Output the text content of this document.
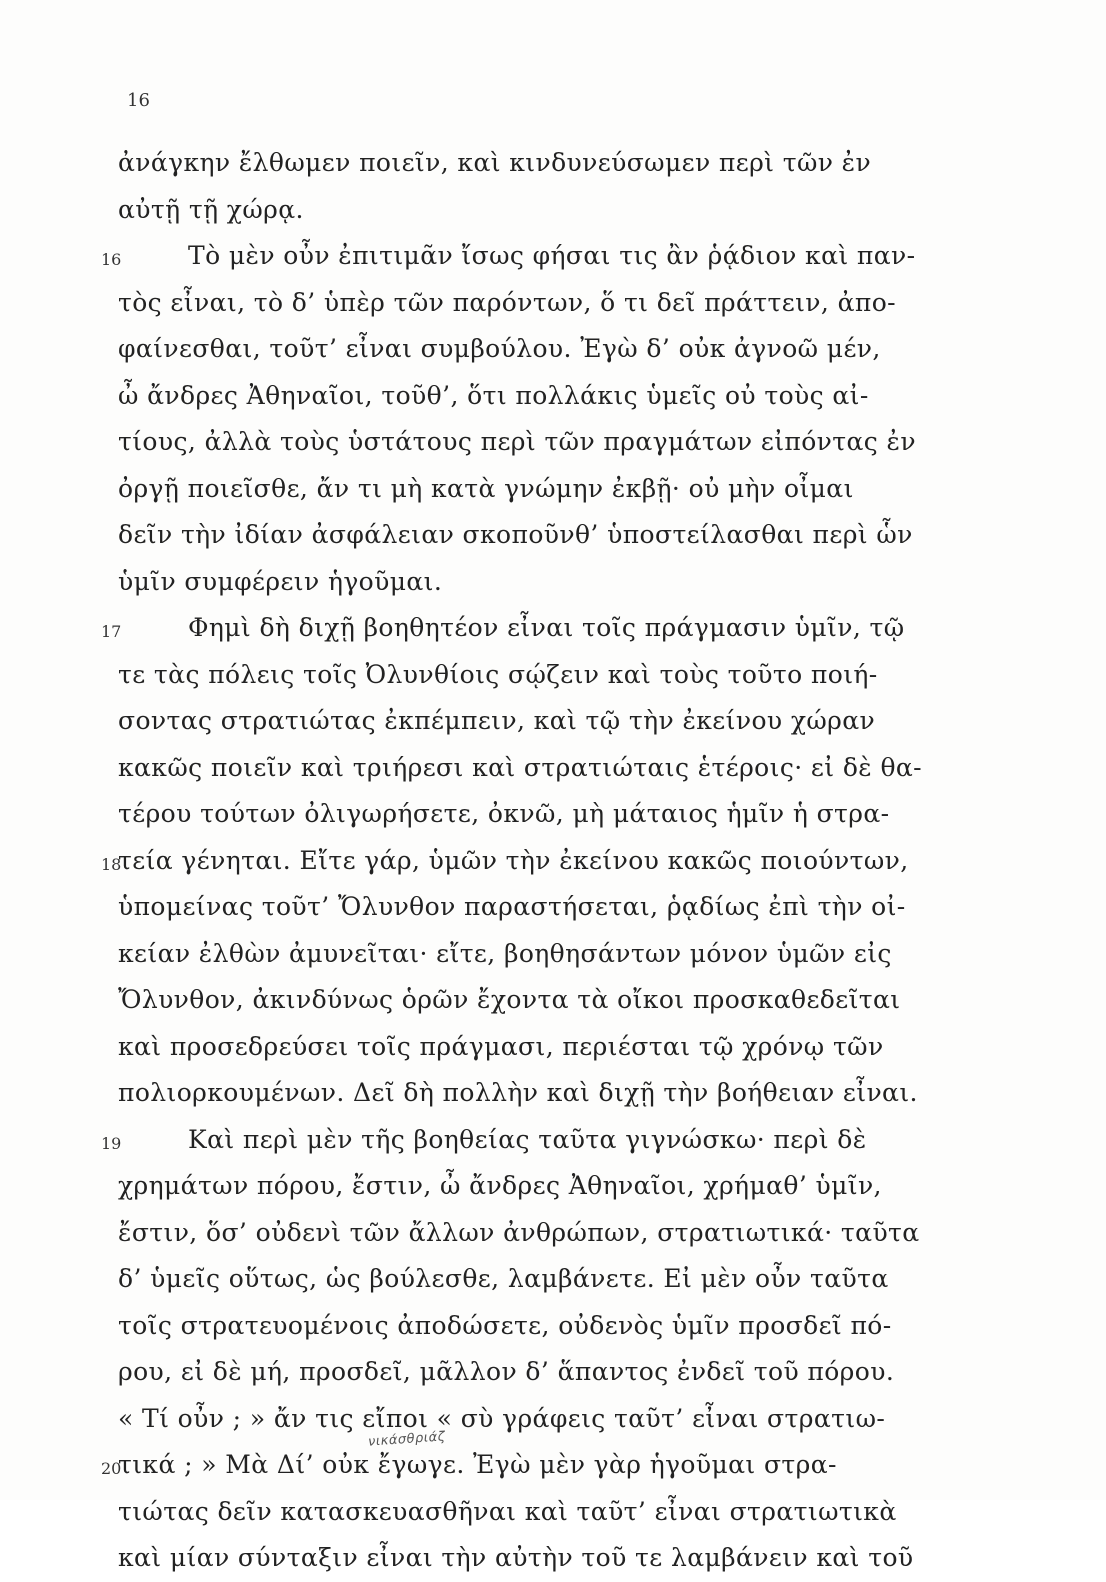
16
ἀνάγκην ἔλθωμεν ποιεῖν, καὶ κινδυνεύσωμεν περὶ τῶν ἐν
αὐτῇ τῇ χώρᾳ.
16	Τὸ μὲν οὖν ἐπιτιμᾶν ἴσως φήσαι τις ἂν ῥᾴδιον καὶ παν-
τὸς εἶναι, τὸ δ’ ὑπὲρ τῶν παρόντων, ὅ τι δεῖ πράττειν, ἀπο-
φαίνεσθαι, τοῦτ’ εἶναι συμβούλου. Ἐγὼ δ’ οὐκ ἀγνοῶ μέν,
ὦ ἄνδρες Ἀθηναῖοι, τοῦθ’, ὅτι πολλάκις ὑμεῖς οὐ τοὺς αἰ-
τίους, ἀλλὰ τοὺς ὑστάτους περὶ τῶν πραγμάτων εἰπόντας ἐν
ὀργῇ ποιεῖσθε, ἄν τι μὴ κατὰ γνώμην ἐκβῇ· οὐ μὴν οἶμαι
δεῖν τὴν ἰδίαν ἀσφάλειαν σκοποῦνθ’ ὑποστείλασθαι περὶ ὧν
ὑμῖν συμφέρειν ἡγοῦμαι.
17	Φημὶ δὴ διχῇ βοηθητέον εἶναι τοῖς πράγμασιν ὑμῖν, τῷ
τε τὰς πόλεις τοῖς Ὀλυνθίοις σῴζειν καὶ τοὺς τοῦτο ποιή-
σοντας στρατιώτας ἐκπέμπειν, καὶ τῷ τὴν ἐκείνου χώραν
κακῶς ποιεῖν καὶ τριήρεσι καὶ στρατιώταις ἑτέροις· εἰ δὲ θα-
τέρου τούτων ὀλιγωρήσετε, ὀκνῶ, μὴ μάταιος ἡμῖν ἡ στρα-
18
τεία γένηται. Εἴτε γάρ, ὑμῶν τὴν ἐκείνου κακῶς ποιούντων,
ὑπομείνας τοῦτ’ Ὄλυνθον παραστήσεται, ῥᾳδίως ἐπὶ τὴν οἰ-
κείαν ἐλθὼν ἀμυνεῖται· εἴτε, βοηθησάντων μόνον ὑμῶν εἰς
Ὄλυνθον, ἀκινδύνως ὁρῶν ἔχοντα τὰ οἴκοι προσκαθεδεῖται
καὶ προσεδρεύσει τοῖς πράγμασι, περιέσται τῷ χρόνῳ τῶν
πολιορκουμένων. Δεῖ δὴ πολλὴν καὶ διχῇ τὴν βοήθειαν εἶναι.
19	Καὶ περὶ μὲν τῆς βοηθείας ταῦτα γιγνώσκω· περὶ δὲ
χρημάτων πόρου, ἔστιν, ὦ ἄνδρες Ἀθηναῖοι, χρήμαθ’ ὑμῖν,
ἔστιν, ὅσ’ οὐδενὶ τῶν ἄλλων ἀνθρώπων, στρατιωτικά· ταῦτα
δ’ ὑμεῖς οὕτως, ὡς βούλεσθε, λαμβάνετε. Εἰ μὲν οὖν ταῦτα
τοῖς στρατευομένοις ἀποδώσετε, οὐδενὸς ὑμῖν προσδεῖ πό-
ρου, εἰ δὲ μή, προσδεῖ, μᾶλλον δ’ ἅπαντος ἐνδεῖ τοῦ πόρου.
« Τί οὖν ; » ἄν τις εἴποι « σὺ γράφεις ταῦτ’ εἶναι στρατιω-
20
τικά ; » Μὰ Δί’ οὐκ ἔγωγε. Ἐγὼ μὲν γὰρ ἡγοῦμαι στρα-
τιώτας δεῖν κατασκευασθῆναι καὶ ταῦτ’ εἶναι στρατιωτικὰ
καὶ μίαν σύνταξιν εἶναι τὴν αὐτὴν τοῦ τε λαμβάνειν καὶ τοῦ
νικάσθριάζ
